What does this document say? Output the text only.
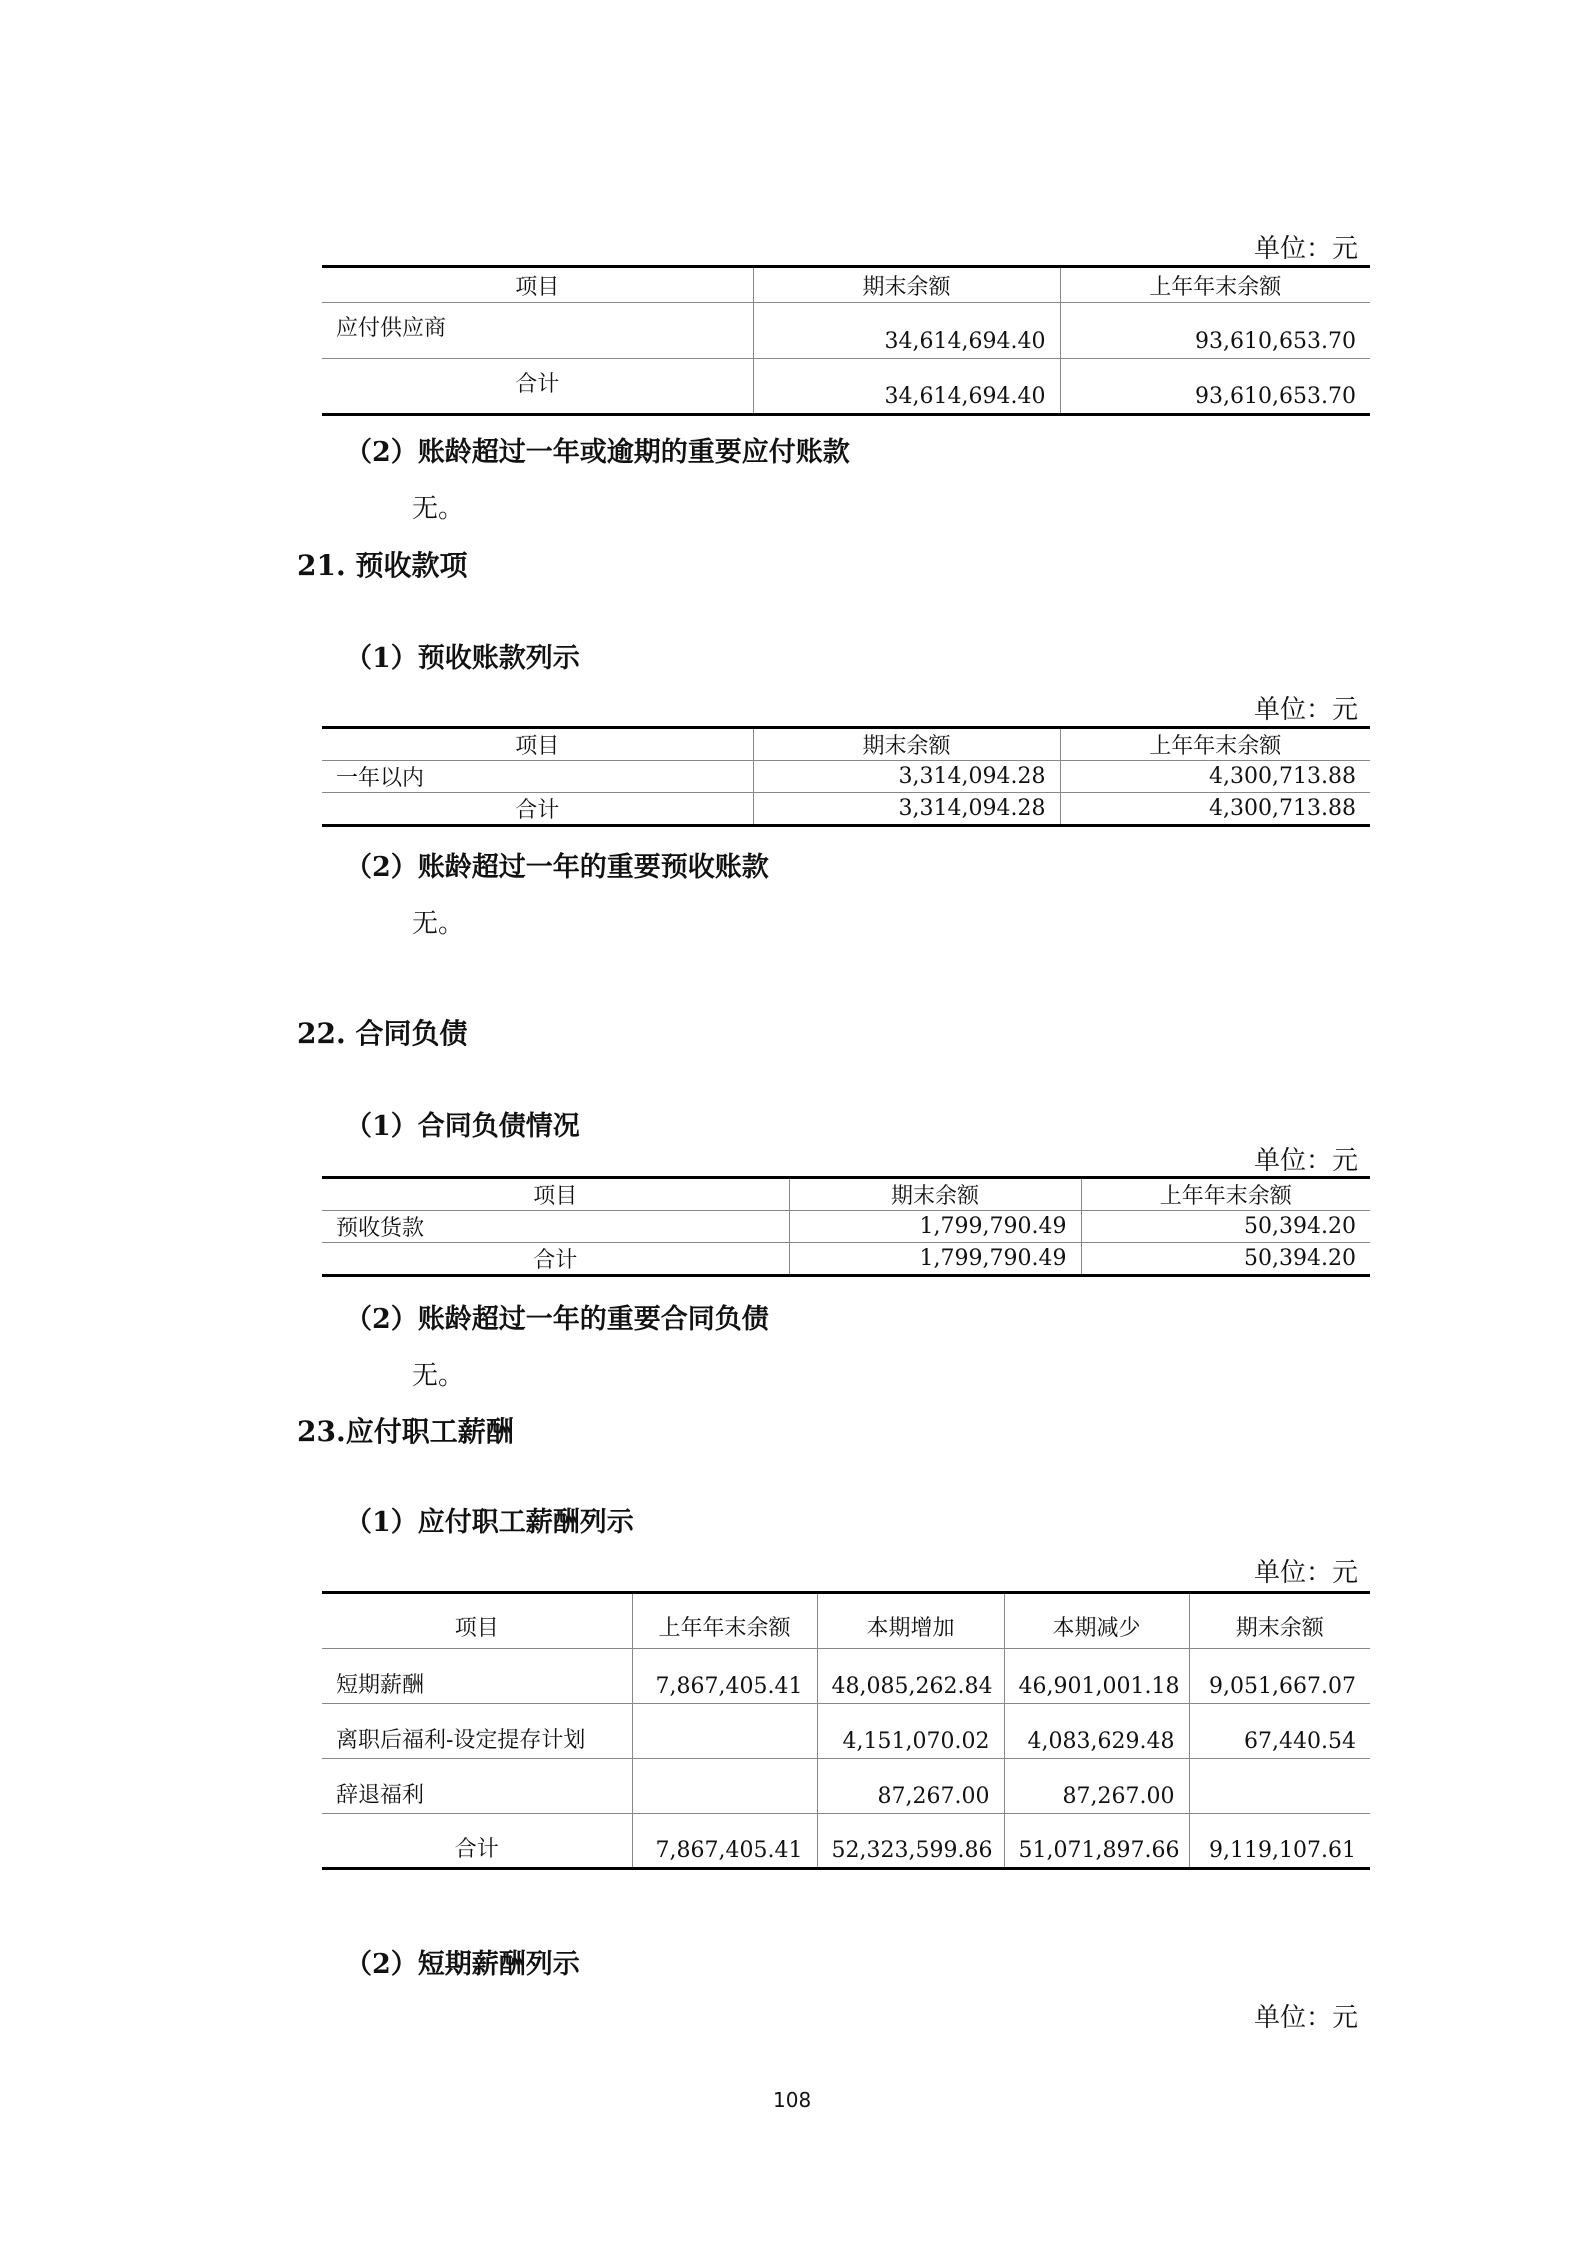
单位：元
项目	期末余额	上年年末余额
应付供应商	34,614,694.40	93,610,653.70
合计	34,614,694.40	93,610,653.70
（2）账龄超过一年或逾期的重要应付账款
无。
21. 预收款项
（1）预收账款列示
单位：元
项目	期末余额	上年年末余额
一年以内	3,314,094.28	4,300,713.88
合计	3,314,094.28	4,300,713.88
（2）账龄超过一年的重要预收账款
无。
22. 合同负债
（1）合同负债情况
单位：元
项目	期末余额	上年年末余额
预收货款	1,799,790.49	50,394.20
合计	1,799,790.49	50,394.20
（2）账龄超过一年的重要合同负债
无。
23.应付职工薪酬
（1）应付职工薪酬列示
单位：元
项目	上年年末余额	本期增加	本期减少	期末余额
短期薪酬	7,867,405.41	48,085,262.84	46,901,001.18	9,051,667.07
离职后福利-设定提存计划		4,151,070.02	4,083,629.48	67,440.54
辞退福利		87,267.00	87,267.00	
合计	7,867,405.41	52,323,599.86	51,071,897.66	9,119,107.61
（2）短期薪酬列示
单位：元
108
